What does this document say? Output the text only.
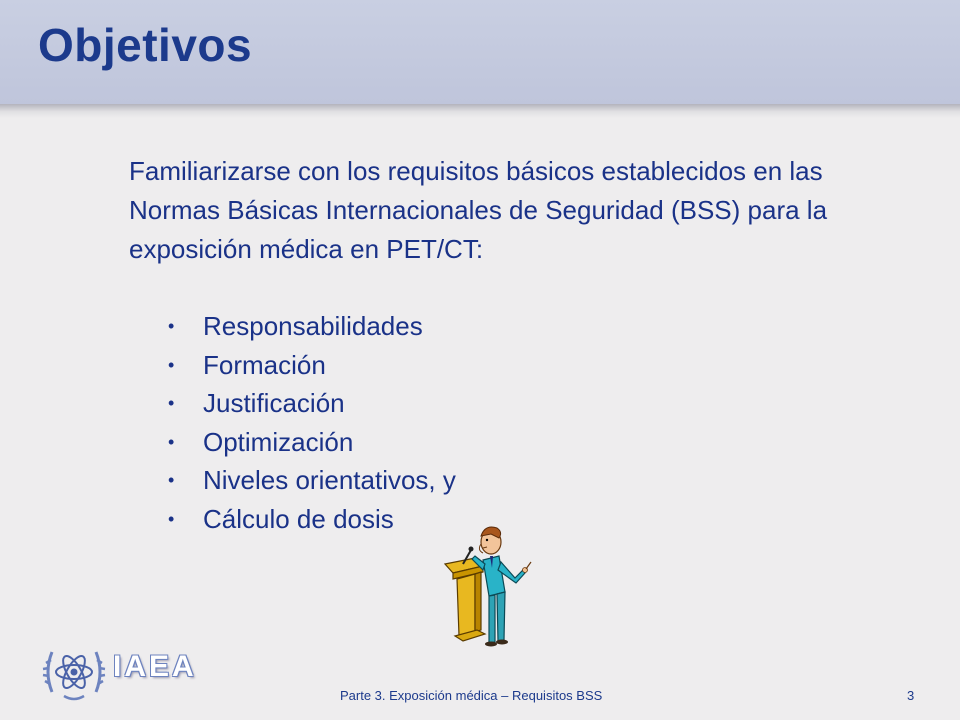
Objetivos

Familiarizarse con los requisitos básicos establecidos en las Normas Básicas Internacionales de Seguridad (BSS) para la exposición médica en PET/CT:

• Responsabilidades
• Formación
• Justificación
• Optimización
• Niveles orientativos, y
• Cálculo de dosis
IAEA
Parte 3. Exposición médica – Requisitos BSS	3
